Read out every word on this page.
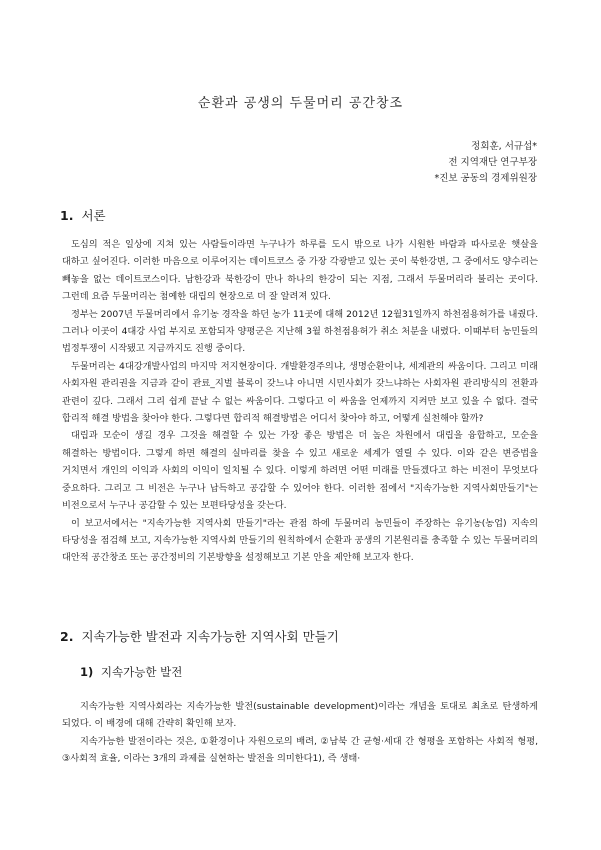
순환과 공생의 두물머리 공간창조
정회훈, 서규섭*
전 지역재단 연구부장
*진보 공동의 경제위원장
1. 서론
도심의 적은 일상에 지쳐 있는 사람들이라면 누구나가 하루를 도시 밖으로 나가 시원한 바람과 따사로운 햇살을 대하고 싶어진다. 이러한 마음으로 이루어지는 데이트코스 중 가장 각광받고 있는 곳이 북한강변, 그 중에서도 양수리는 빼놓을 없는 데이트코스이다. 남한강과 북한강이 만나 하나의 한강이 되는 지점, 그래서 두물머리라 불리는 곳이다. 그런데 요즘 두물머리는 첨예한 대립의 현장으로 더 잘 알려져 있다.
정부는 2007년 두물머리에서 유기농 경작을 하던 농가 11곳에 대해 2012년 12월31일까지 하천점용허가를 내줬다. 그러나 이곳이 4대강 사업 부지로 포함되자 양평군은 지난해 3월 하천점용허가 취소 처분을 내렸다. 이때부터 농민들의 법정투쟁이 시작됐고 지금까지도 진행 중이다.
두물머리는 4대강개발사업의 마지막 저지현장이다. 개발환경주의냐, 생명순환이냐, 세계관의 싸움이다. 그리고 미래 사회자원 관리권을 지금과 같이 관료_지벌 블록이 갖느냐 아니면 시민사회가 갖느냐하는 사회자원 관리방식의 전환과 관련이 깊다. 그래서 그리 쉽게 끝날 수 없는 싸움이다. 그렇다고 이 싸움을 언제까지 지켜만 보고 있을 수 없다. 결국 합리적 해결 방법을 찾아야 한다. 그렇다면 합리적 해결방법은 어디서 찾아야 하고, 어떻게 실천해야 할까?
대립과 모순이 생길 경우 그것을 해결할 수 있는 가장 좋은 방법은 더 높은 차원에서 대립을 융합하고, 모순을 해결하는 방법이다. 그렇게 하면 해결의 실마리를 찾을 수 있고 새로운 세계가 열릴 수 있다. 이와 같은 변증법을 거치면서 개인의 이익과 사회의 이익이 일치될 수 있다. 이렇게 하려면 어떤 미래를 만들겠다고 하는 비전이 무엇보다 중요하다. 그리고 그 비전은 누구나 납득하고 공감할 수 있어야 한다. 이러한 점에서 "지속가능한 지역사회만들기"는 비전으로서 누구나 공감할 수 있는 보편타당성을 갖는다.
이 보고서에서는 "지속가능한 지역사회 만들기"라는 관점 하에 두물머리 농민들이 주장하는 유기농(농업) 지속의 타당성을 점검해 보고, 지속가능한 지역사회 만들기의 원칙하에서 순환과 공생의 기본원리를 충족할 수 있는 두물머리의 대안적 공간창조 또는 공간정비의 기본방향을 설정해보고 기본 안을 제안해 보고자 한다.
2. 지속가능한 발전과 지속가능한 지역사회 만들기
1) 지속가능한 발전
지속가능한 지역사회라는 지속가능한 발전(sustainable development)이라는 개념을 토대로 최초로 탄생하게 되었다. 이 배경에 대해 간략히 확인해 보자.
지속가능한 발전이라는 것은, ①환경이나 자원으로의 배려, ②남북 간 균형·세대 간 형평을 포함하는 사회적 형평, ③사회적 효율, 이라는 3개의 과제를 실현하는 발전을 의미한다1), 즉 생태·
